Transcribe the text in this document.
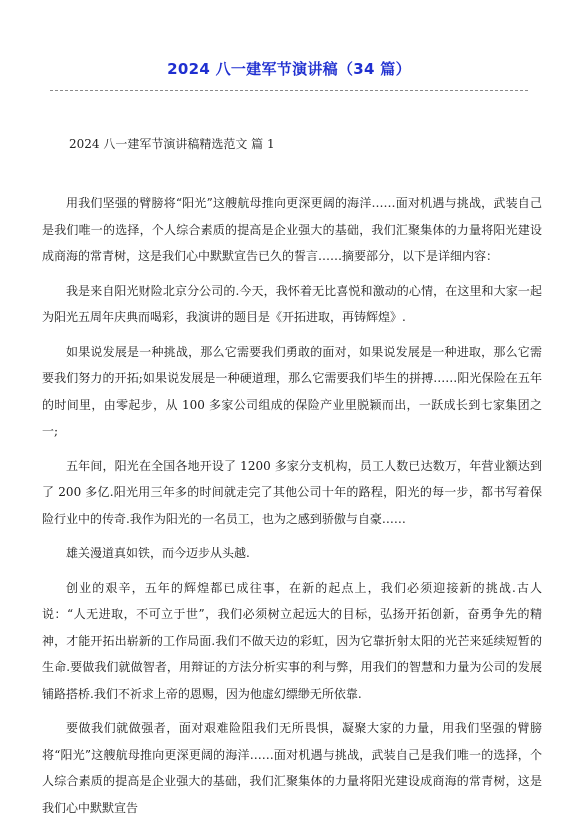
2024 八一建军节演讲稿（34 篇）
2024 八一建军节演讲稿精选范文 篇 1

用我们坚强的臂膀将“阳光”这艘航母推向更深更阔的海洋……面对机遇与挑战，武装自己是我们唯一的选择，个人综合素质的提高是企业强大的基础，我们汇聚集体的力量将阳光建设成商海的常青树，这是我们心中默默宣告已久的誓言……摘要部分，以下是详细内容：

我是来自阳光财险北京分公司的.今天，我怀着无比喜悦和激动的心情，在这里和大家一起为阳光五周年庆典而喝彩，我演讲的题目是《开拓进取，再铸辉煌》.

如果说发展是一种挑战，那么它需要我们勇敢的面对，如果说发展是一种进取，那么它需要我们努力的开拓;如果说发展是一种硬道理，那么它需要我们毕生的拼搏……阳光保险在五年的时间里，由零起步，从 100 多家公司组成的保险产业里脱颖而出，一跃成长到七家集团之一;

五年间，阳光在全国各地开设了 1200 多家分支机构，员工人数已达数万，年营业额达到了 200 多亿.阳光用三年多的时间就走完了其他公司十年的路程，阳光的每一步，都书写着保险行业中的传奇.我作为阳光的一名员工，也为之感到骄傲与自豪……

雄关漫道真如铁，而今迈步从头越.

创业的艰辛，五年的辉煌都已成往事，在新的起点上，我们必须迎接新的挑战.古人说：“人无进取，不可立于世”，我们必须树立起远大的目标，弘扬开拓创新，奋勇争先的精神，才能开拓出崭新的工作局面.我们不做天边的彩虹，因为它靠折射太阳的光芒来延续短暂的生命.要做我们就做智者，用辩证的方法分析实事的利与弊，用我们的智慧和力量为公司的发展铺路搭桥.我们不祈求上帝的恩赐，因为他虚幻缥缈无所依靠.

要做我们就做强者，面对艰难险阻我们无所畏惧，凝聚大家的力量，用我们坚强的臂膀将“阳光”这艘航母推向更深更阔的海洋……面对机遇与挑战，武装自己是我们唯一的选择，个人综合素质的提高是企业强大的基础，我们汇聚集体的力量将阳光建设成商海的常青树，这是我们心中默默宣告
